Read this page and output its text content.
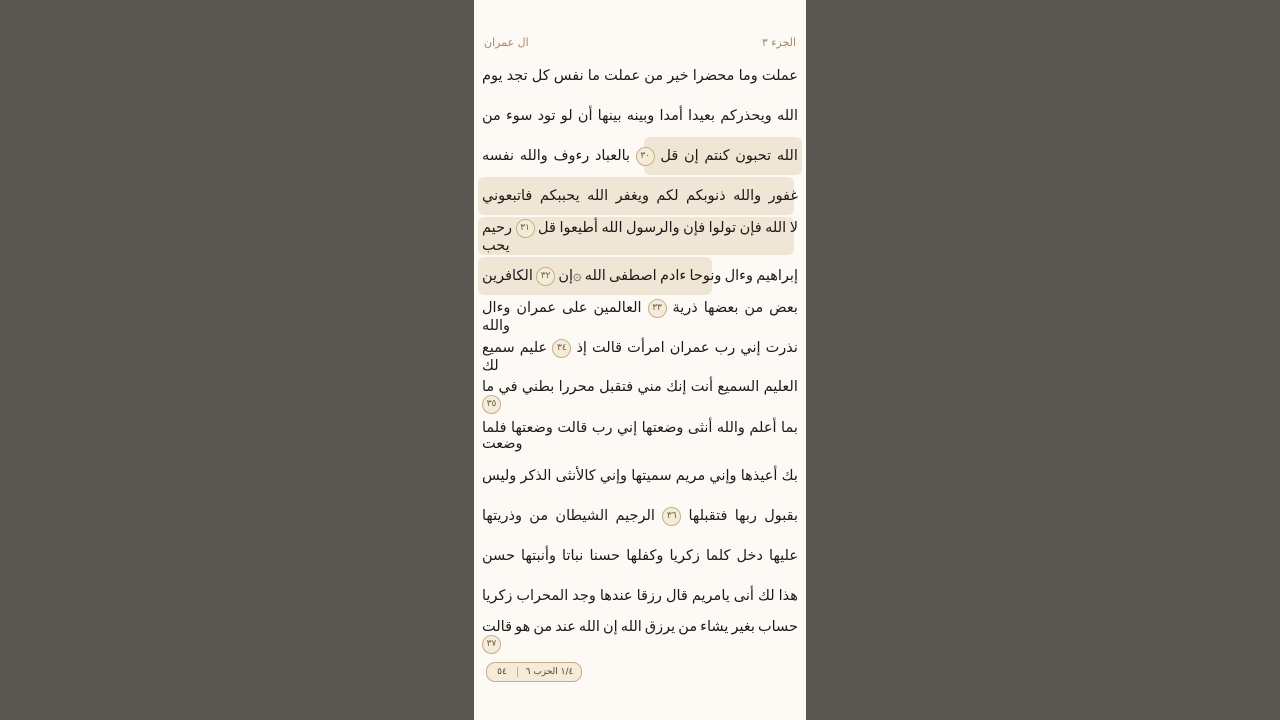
ال عمران	الجزء ٣
يوم تجد كل نفس ما عملت من خير محضرا وما عملت
من سوء تود لو أن بينها وبينه أمدا بعيدا ويحذركم الله
نفسه والله رءوف بالعباد	٣٠ قل إن كنتم تحبون الله
فاتبعوني يحببكم الله ويغفر لكم ذنوبكم والله غفور
رحيم ٣١ قل أطيعوا الله والرسول فإن تولوا فإن الله لا
يحب
الكافرين ٣٢ ۞إن الله اصطفى ءادم ونوحا وءال إبراهيم
وءال عمران على العالمين	٣٣ ذرية بعضها من بعض
والله
سميع عليم	٣٤ إذ قالت امرأت عمران رب إني نذرت
لك
ما في بطني محررا فتقبل مني إنك أنت السميع العليم
٣٥
فلما وضعتها قالت رب إني وضعتها أنثى والله أعلم بما
وضعت
وليس الذكر كالأنثى وإني سميتها مريم وإني أعيذها بك
وذريتها من الشيطان الرجيم	٣٦ فتقبلها ربها بقبول
حسن وأنبتها نباتا حسنا وكفلها زكريا كلما دخل عليها
زكريا المحراب وجد عندها رزقا قال يامريم أنى لك هذا
قالت هو من عند الله إن الله يرزق من يشاء بغير حساب
٣٧
٥٤	١/٤ الحزب ٦
